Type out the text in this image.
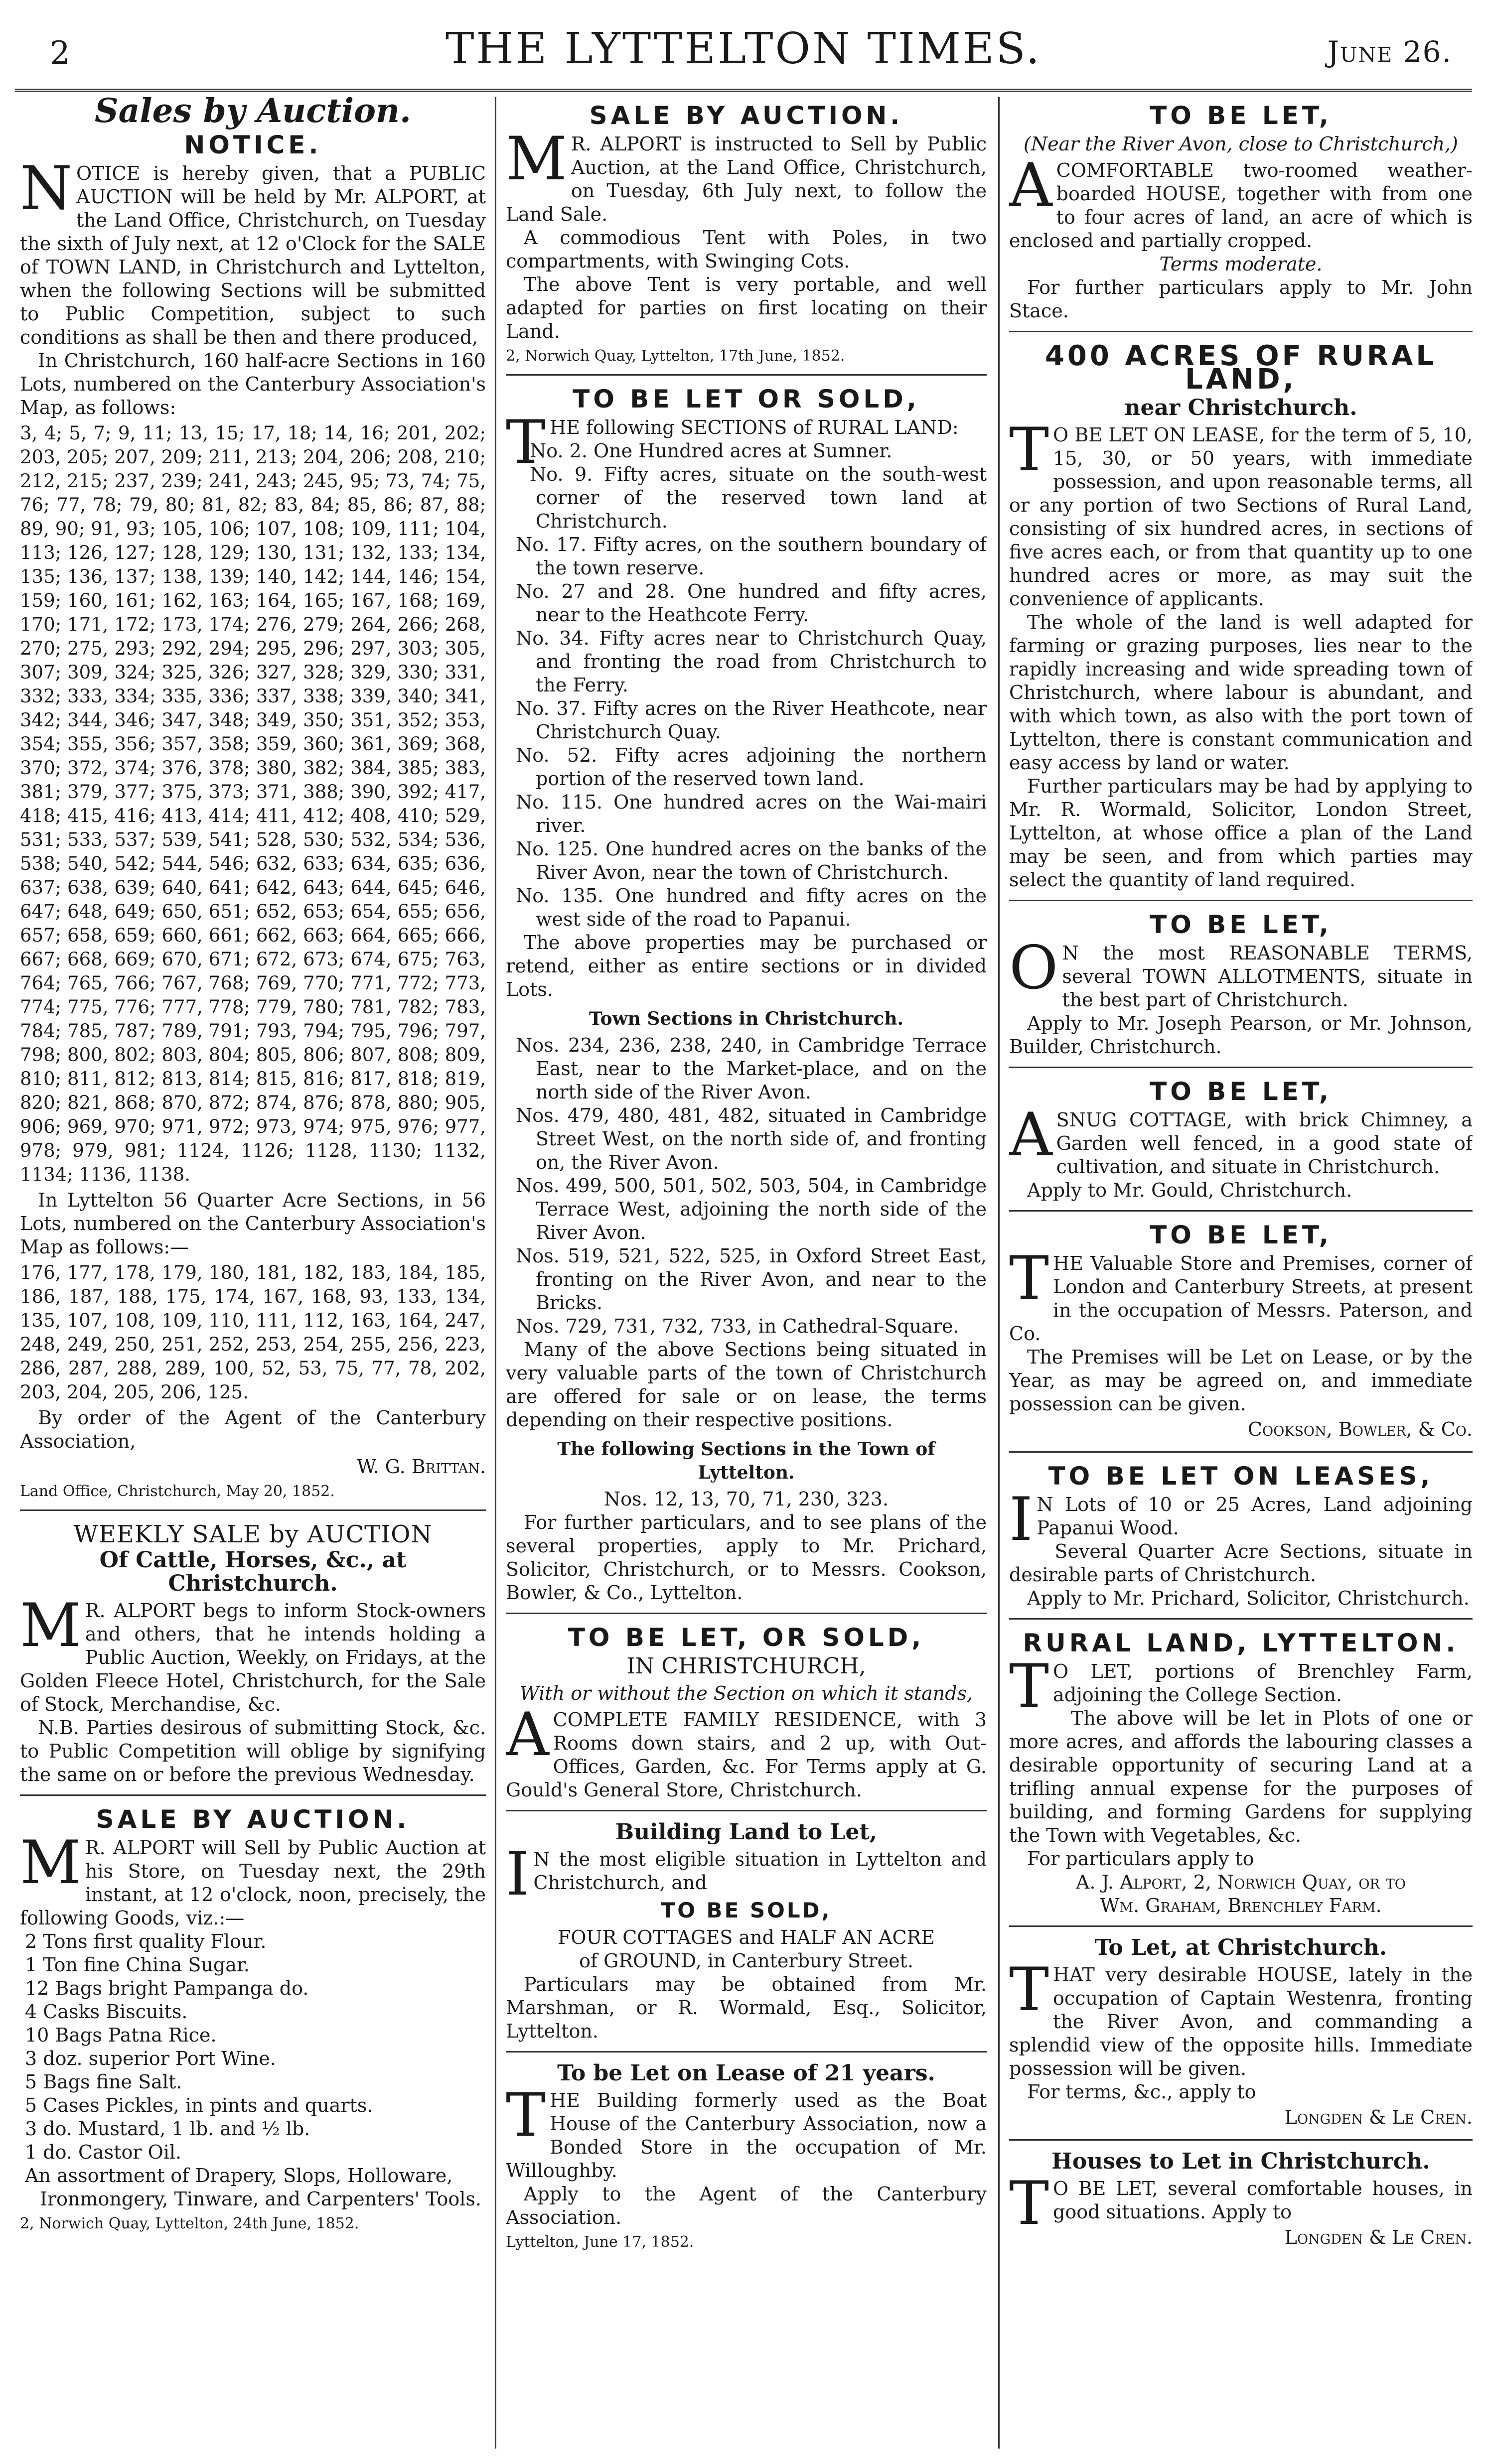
2	THE LYTTELTON TIMES.	June 26.
Sales by Auction.
NOTICE.

NOTICE is hereby given, that a PUBLIC AUCTION will be held by Mr. ALPORT, at the Land Office, Christchurch, on Tuesday the sixth of July next, at 12 o'Clock for the SALE of TOWN LAND, in Christchurch and Lyttelton, when the following Sections will be submitted to Public Competition, subject to such conditions as shall be then and there produced,

In Christchurch, 160 half-acre Sections in 160 Lots, numbered on the Canterbury Association's Map, as follows:

3, 4; 5, 7; 9, 11; 13, 15; 17, 18; 14, 16; 201, 202; 203, 205; 207, 209; 211, 213; 204, 206; 208, 210; 212, 215; 237, 239; 241, 243; 245, 95; 73, 74; 75, 76; 77, 78; 79, 80; 81, 82; 83, 84; 85, 86; 87, 88; 89, 90; 91, 93; 105, 106; 107, 108; 109, 111; 104, 113; 126, 127; 128, 129; 130, 131; 132, 133; 134, 135; 136, 137; 138, 139; 140, 142; 144, 146; 154, 159; 160, 161; 162, 163; 164, 165; 167, 168; 169, 170; 171, 172; 173, 174; 276, 279; 264, 266; 268, 270; 275, 293; 292, 294; 295, 296; 297, 303; 305, 307; 309, 324; 325, 326; 327, 328; 329, 330; 331, 332; 333, 334; 335, 336; 337, 338; 339, 340; 341, 342; 344, 346; 347, 348; 349, 350; 351, 352; 353, 354; 355, 356; 357, 358; 359, 360; 361, 369; 368, 370; 372, 374; 376, 378; 380, 382; 384, 385; 383, 381; 379, 377; 375, 373; 371, 388; 390, 392; 417, 418; 415, 416; 413, 414; 411, 412; 408, 410; 529, 531; 533, 537; 539, 541; 528, 530; 532, 534; 536, 538; 540, 542; 544, 546; 632, 633; 634, 635; 636, 637; 638, 639; 640, 641; 642, 643; 644, 645; 646, 647; 648, 649; 650, 651; 652, 653; 654, 655; 656, 657; 658, 659; 660, 661; 662, 663; 664, 665; 666, 667; 668, 669; 670, 671; 672, 673; 674, 675; 763, 764; 765, 766; 767, 768; 769, 770; 771, 772; 773, 774; 775, 776; 777, 778; 779, 780; 781, 782; 783, 784; 785, 787; 789, 791; 793, 794; 795, 796; 797, 798; 800, 802; 803, 804; 805, 806; 807, 808; 809, 810; 811, 812; 813, 814; 815, 816; 817, 818; 819, 820; 821, 868; 870, 872; 874, 876; 878, 880; 905, 906; 969, 970; 971, 972; 973, 974; 975, 976; 977, 978; 979, 981; 1124, 1126; 1128, 1130; 1132, 1134; 1136, 1138.

In Lyttelton 56 Quarter Acre Sections, in 56 Lots, numbered on the Canterbury Association's Map as follows:—

176, 177, 178, 179, 180, 181, 182, 183, 184, 185, 186, 187, 188, 175, 174, 167, 168, 93, 133, 134, 135, 107, 108, 109, 110, 111, 112, 163, 164, 247, 248, 249, 250, 251, 252, 253, 254, 255, 256, 223, 286, 287, 288, 289, 100, 52, 53, 75, 77, 78, 202, 203, 204, 205, 206, 125.

By order of the Agent of the Canterbury Association,

W. G. Brittan.

Land Office, Christchurch, May 20, 1852.

WEEKLY SALE by AUCTION
Of Cattle, Horses, &c., at Christchurch.

M R. ALPORT begs to inform Stock-owners and others, that he intends holding a Public Auction, Weekly, on Fridays, at the Golden Fleece Hotel, Christchurch, for the Sale of Stock, Merchandise, &c.

N.B. Parties desirous of submitting Stock, &c. to Public Competition will oblige by signifying the same on or before the previous Wednesday.

SALE BY AUCTION.

M R. ALPORT will Sell by Public Auction at his Store, on Tuesday next, the 29th instant, at 12 o'clock, noon, precisely, the following Goods, viz.:—

2 Tons first quality Flour.
1 Ton fine China Sugar.
12 Bags bright Pampanga do.
4 Casks Biscuits.
10 Bags Patna Rice.
3 doz. superior Port Wine.
5 Bags fine Salt.
5 Cases Pickles, in pints and quarts.
3 do. Mustard, 1 lb. and ½ lb.
1 do. Castor Oil.
An assortment of Drapery, Slops, Holloware, Ironmongery, Tinware, and Carpenters' Tools.

2, Norwich Quay, Lyttelton, 24th June, 1852.

SALE BY AUCTION.

M R. ALPORT is instructed to Sell by Public Auction, at the Land Office, Christchurch, on Tuesday, 6th July next, to follow the Land Sale.

A commodious Tent with Poles, in two compartments, with Swinging Cots.

The above Tent is very portable, and well adapted for parties on first locating on their Land.

2, Norwich Quay, Lyttelton, 17th June, 1852.

TO BE LET OR SOLD,

THE following SECTIONS of RURAL LAND:

No. 2. One Hundred acres at Sumner.
No. 9. Fifty acres, situate on the south-west corner of the reserved town land at Christchurch.
No. 17. Fifty acres, on the southern boundary of the town reserve.
No. 27 and 28. One hundred and fifty acres, near to the Heathcote Ferry.
No. 34. Fifty acres near to Christchurch Quay, and fronting the road from Christchurch to the Ferry.
No. 37. Fifty acres on the River Heathcote, near Christchurch Quay.
No. 52. Fifty acres adjoining the northern portion of the reserved town land.
No. 115. One hundred acres on the Wai-mairi river.
No. 125. One hundred acres on the banks of the River Avon, near the town of Christchurch.
No. 135. One hundred and fifty acres on the west side of the road to Papanui.

The above properties may be purchased or retend, either as entire sections or in divided Lots.

Town Sections in Christchurch.
Nos. 234, 236, 238, 240, in Cambridge Terrace East, near to the Market-place, and on the north side of the River Avon.
Nos. 479, 480, 481, 482, situated in Cambridge Street West, on the north side of, and fronting on, the River Avon.
Nos. 499, 500, 501, 502, 503, 504, in Cambridge Terrace West, adjoining the north side of the River Avon.
Nos. 519, 521, 522, 525, in Oxford Street East, fronting on the River Avon, and near to the Bricks.
Nos. 729, 731, 732, 733, in Cathedral-Square.

Many of the above Sections being situated in very valuable parts of the town of Christchurch are offered for sale or on lease, the terms depending on their respective positions.

The following Sections in the Town of Lyttelton.

Nos. 12, 13, 70, 71, 230, 323.

For further particulars, and to see plans of the several properties, apply to Mr. Prichard, Solicitor, Christchurch, or to Messrs. Cookson, Bowler, & Co., Lyttelton.

TO BE LET, OR SOLD,
IN CHRISTCHURCH,
With or without the Section on which it stands,

ACOMPLETE FAMILY RESIDENCE, with 3 Rooms down stairs, and 2 up, with Out-Offices, Garden, &c. For Terms apply at G. Gould's General Store, Christchurch.

Building Land to Let,

I N the most eligible situation in Lyttelton and Christchurch, and

TO BE SOLD,

FOUR COTTAGES and HALF AN ACRE

of GROUND, in Canterbury Street.

Particulars may be obtained from Mr. Marshman, or R. Wormald, Esq., Solicitor, Lyttelton.

To be Let on Lease of 21 years.

THE Building formerly used as the Boat House of the Canterbury Association, now a Bonded Store in the occupation of Mr. Willoughby.

Apply to the Agent of the Canterbury Association.

Lyttelton, June 17, 1852.

TO BE LET,
(Near the River Avon, close to Christchurch,)

ACOMFORTABLE two-roomed weather-boarded HOUSE, together with from one to four acres of land, an acre of which is enclosed and partially cropped.

Terms moderate.

For further particulars apply to Mr. John Stace.

400 ACRES OF RURAL LAND,
near Christchurch.

T O BE LET ON LEASE, for the term of 5, 10, 15, 30, or 50 years, with immediate possession, and upon reasonable terms, all or any portion of two Sections of Rural Land, consisting of six hundred acres, in sections of five acres each, or from that quantity up to one hundred acres or more, as may suit the convenience of applicants.

The whole of the land is well adapted for farming or grazing purposes, lies near to the rapidly increasing and wide spreading town of Christchurch, where labour is abundant, and with which town, as also with the port town of Lyttelton, there is constant communication and easy access by land or water.

Further particulars may be had by applying to Mr. R. Wormald, Solicitor, London Street, Lyttelton, at whose office a plan of the Land may be seen, and from which parties may select the quantity of land required.

TO BE LET,

O N the most REASONABLE TERMS, several TOWN ALLOTMENTS, situate in the best part of Christchurch.

Apply to Mr. Joseph Pearson, or Mr. Johnson, Builder, Christchurch.

TO BE LET,

ASNUG COTTAGE, with brick Chimney, a Garden well fenced, in a good state of cultivation, and situate in Christchurch.

Apply to Mr. Gould, Christchurch.

TO BE LET,

THE Valuable Store and Premises, corner of London and Canterbury Streets, at present in the occupation of Messrs. Paterson, and Co.

The Premises will be Let on Lease, or by the Year, as may be agreed on, and immediate possession can be given.

Cookson, Bowler, & Co.
TO BE LET ON LEASES,

I N Lots of 10 or 25 Acres, Land adjoining Papanui Wood.

Several Quarter Acre Sections, situate in desirable parts of Christchurch.

Apply to Mr. Prichard, Solicitor, Christchurch.

RURAL LAND, LYTTELTON.

T O LET, portions of Brenchley Farm, adjoining the College Section.

The above will be let in Plots of one or more acres, and affords the labouring classes a desirable opportunity of securing Land at a trifling annual expense for the purposes of building, and forming Gardens for supplying the Town with Vegetables, &c.

For particulars apply to

A. J. Alport, 2, Norwich Quay, or to

Wm. Graham, Brenchley Farm.

To Let, at Christchurch.

THAT very desirable HOUSE, lately in the occupation of Captain Westenra, fronting the River Avon, and commanding a splendid view of the opposite hills. Immediate possession will be given.

For terms, &c., apply to

Longden & Le Cren.
Houses to Let in Christchurch.

T O BE LET, several comfortable houses, in good situations. Apply to

Longden & Le Cren.
